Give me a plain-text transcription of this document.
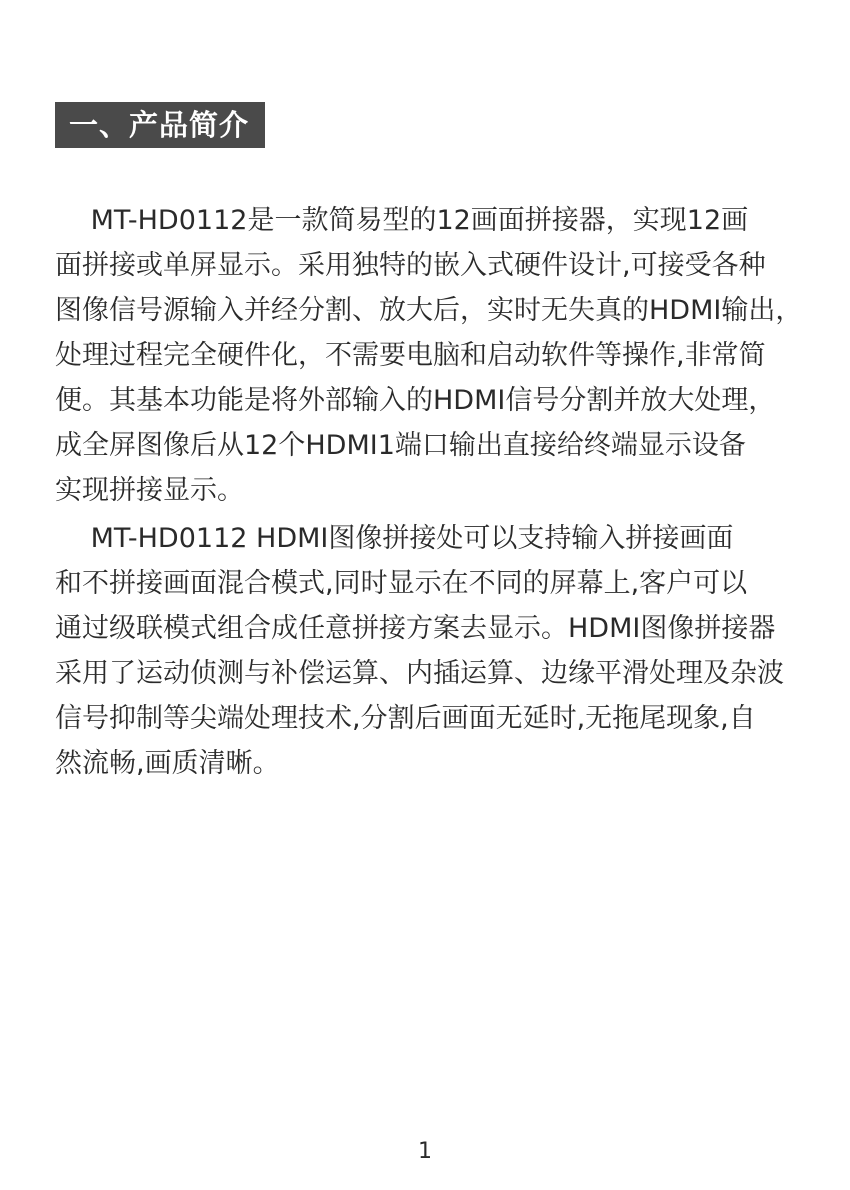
一、产品简介

　 MT-HD0112是一款简易型的12画面拼接器，实现12画
面拼接或单屏显示。采用独特的嵌入式硬件设计,可接受各种
图像信号源输入并经分割、放大后，实时无失真的HDMI输出，
处理过程完全硬件化，不需要电脑和启动软件等操作,非常简
便。其基本功能是将外部输入的HDMI信号分割并放大处理，
成全屏图像后从12个HDMI1端口输出直接给终端显示设备
实现拼接显示。

　 MT-HD0112 HDMI图像拼接处可以支持输入拼接画面
和不拼接画面混合模式,同时显示在不同的屏幕上,客户可以
通过级联模式组合成任意拼接方案去显示。HDMI图像拼接器
采用了运动侦测与补偿运算、内插运算、边缘平滑处理及杂波
信号抑制等尖端处理技术,分割后画面无延时,无拖尾现象,自
然流畅,画质清晰。

1
